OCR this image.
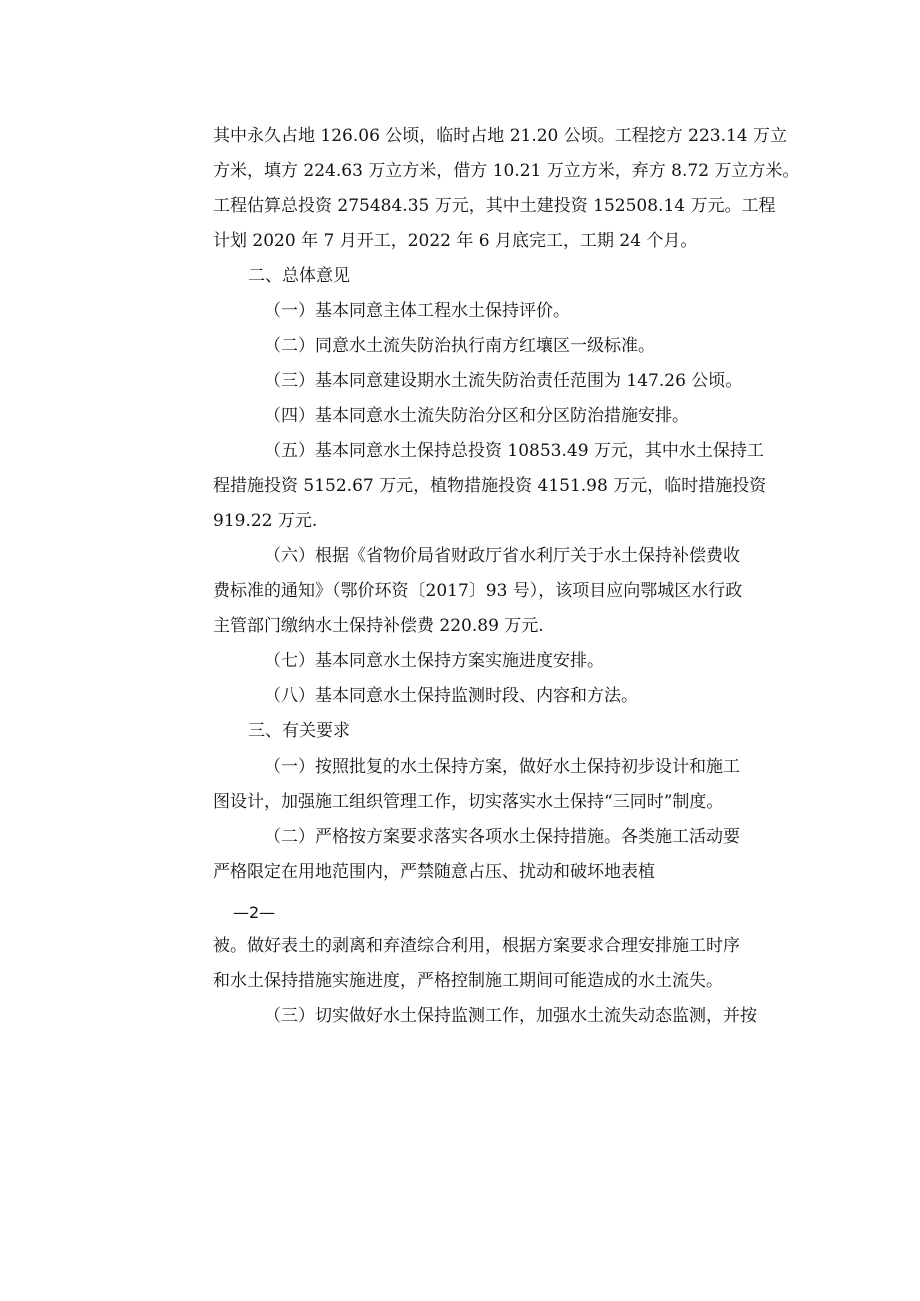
其中永久占地 126.06 公顷，临时占地 21.20 公顷。工程挖方 223.14 万立
方米，填方 224.63 万立方米，借方 10.21 万立方米，弃方 8.72 万立方米。
工程估算总投资 275484.35 万元，其中土建投资 152508.14 万元。工程
计划 2020 年 7 月开工，2022 年 6 月底完工，工期 24 个月。
二、总体意见
（一）基本同意主体工程水土保持评价。
（二）同意水土流失防治执行南方红壤区一级标准。
（三）基本同意建设期水土流失防治责任范围为 147.26 公顷。
（四）基本同意水土流失防治分区和分区防治措施安排。
（五）基本同意水土保持总投资 10853.49 万元，其中水土保持工
程措施投资 5152.67 万元，植物措施投资 4151.98 万元，临时措施投资
919.22 万元.
（六）根据《省物价局省财政厅省水利厅关于水土保持补偿费收
费标准的通知》（鄂价环资〔2017〕93 号），该项目应向鄂城区水行政
主管部门缴纳水土保持补偿费 220.89 万元.
（七）基本同意水土保持方案实施进度安排。
（八）基本同意水土保持监测时段、内容和方法。
三、有关要求
（一）按照批复的水土保持方案，做好水土保持初步设计和施工
图设计，加强施工组织管理工作，切实落实水土保持“三同时”制度。
（二）严格按方案要求落实各项水土保持措施。各类施工活动要
严格限定在用地范围内，严禁随意占压、扰动和破坏地表植
—2—
被。做好表土的剥离和弃渣综合利用，根据方案要求合理安排施工时序
和水土保持措施实施进度，严格控制施工期间可能造成的水土流失。
（三）切实做好水土保持监测工作，加强水土流失动态监测，并按
